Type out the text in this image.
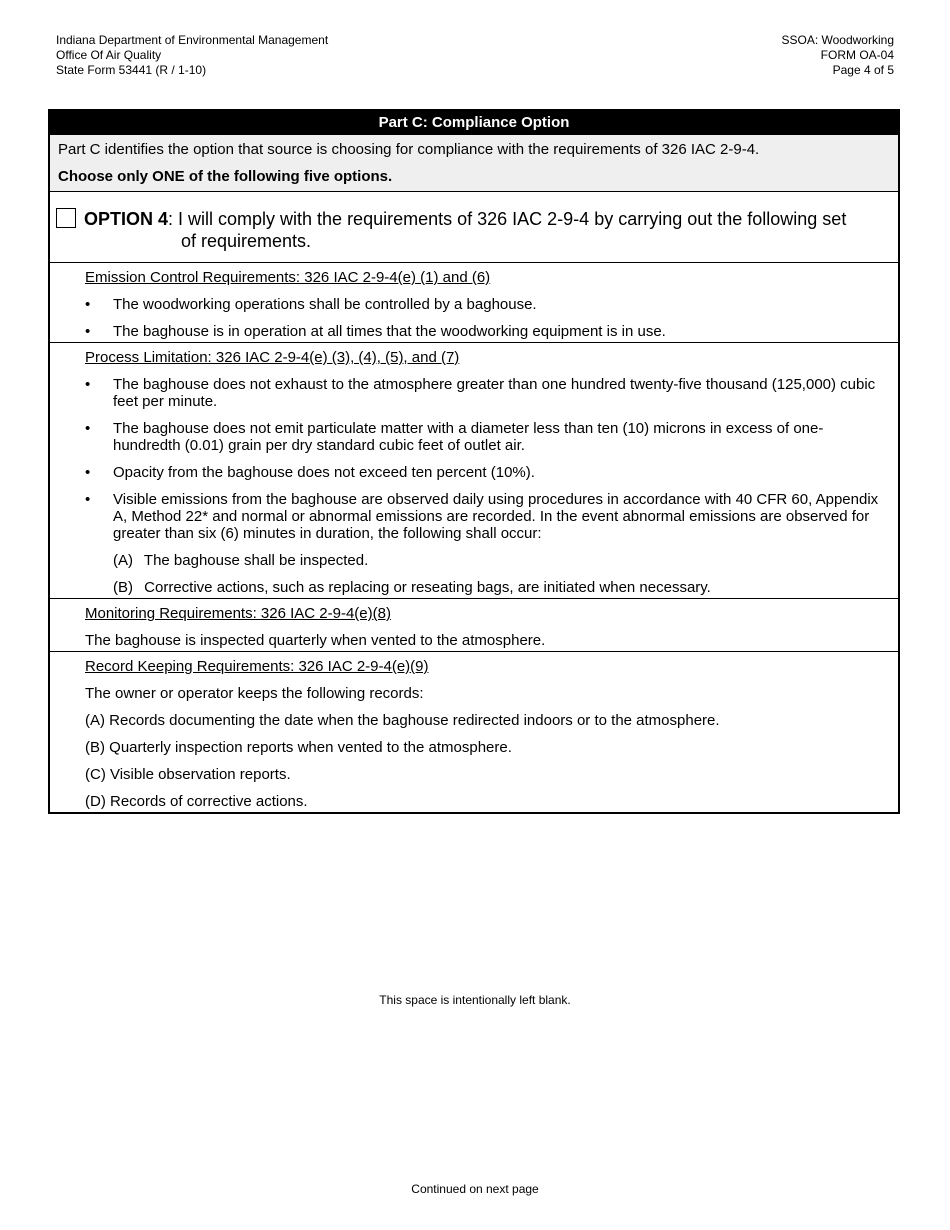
Indiana Department of Environmental Management
Office Of Air Quality
State Form 53441 (R / 1-10)
SSOA: Woodworking
FORM OA-04
Page 4 of 5
Part C: Compliance Option

Part C identifies the option that source is choosing for compliance with the requirements of 326 IAC 2-9-4.

Choose only ONE of the following five options.

OPTION 4: I will comply with the requirements of 326 IAC 2-9-4 by carrying out the following set
of requirements.
Emission Control Requirements: 326 IAC 2-9-4(e) (1) and (6)
• The woodworking operations shall be controlled by a baghouse.
• The baghouse is in operation at all times that the woodworking equipment is in use.
Process Limitation: 326 IAC 2-9-4(e) (3), (4), (5), and (7)
• The baghouse does not exhaust to the atmosphere greater than one hundred twenty-five thousand (125,000) cubic feet per minute.
• The baghouse does not emit particulate matter with a diameter less than ten (10) microns in excess of one-hundredth (0.01) grain per dry standard cubic feet of outlet air.
• Opacity from the baghouse does not exceed ten percent (10%).
• Visible emissions from the baghouse are observed daily using procedures in accordance with 40 CFR 60, Appendix A, Method 22* and normal or abnormal emissions are recorded. In the event abnormal emissions are observed for greater than six (6) minutes in duration, the following shall occur:
(A) The baghouse shall be inspected.
(B) Corrective actions, such as replacing or reseating bags, are initiated when necessary.
Monitoring Requirements: 326 IAC 2-9-4(e)(8)
The baghouse is inspected quarterly when vented to the atmosphere.
Record Keeping Requirements: 326 IAC 2-9-4(e)(9)
The owner or operator keeps the following records:
(A) Records documenting the date when the baghouse redirected indoors or to the atmosphere.
(B) Quarterly inspection reports when vented to the atmosphere.
(C) Visible observation reports.
(D) Records of corrective actions.
This space is intentionally left blank.
Continued on next page
